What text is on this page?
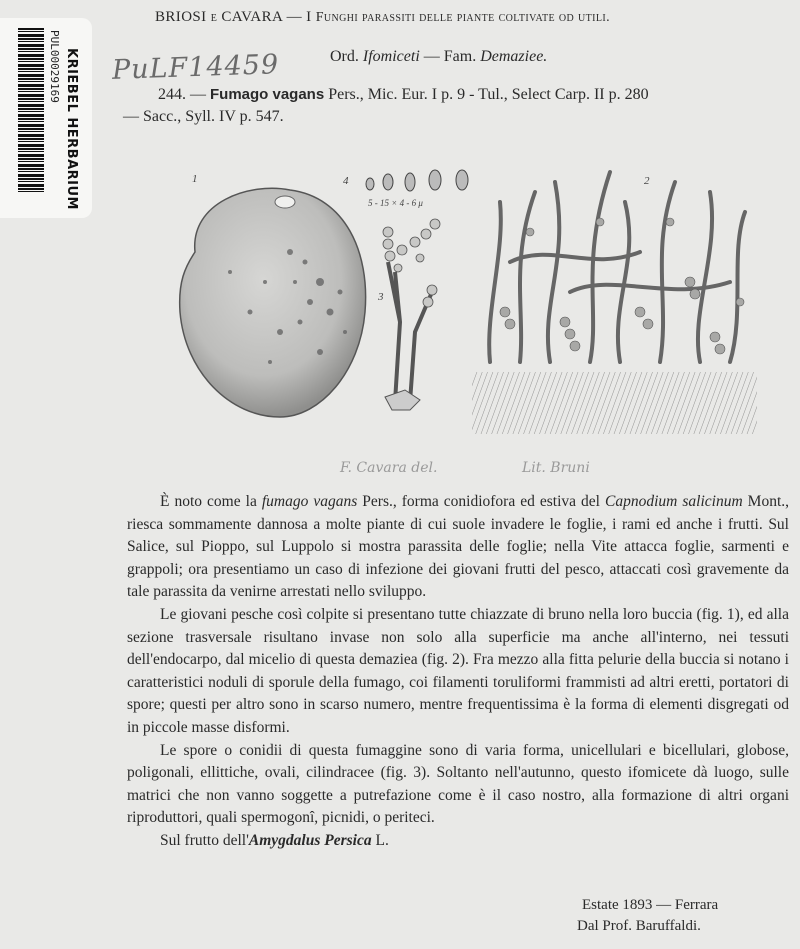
PUL00029169 KRIEBEL HERBARIUM PuLF14459
BRIOSI e CAVARA — I Funghi parassiti delle piante coltivate od utili.
Ord. Ifomiceti — Fam. Demaziee.
244. — Fumago vagans Pers., Mic. Eur. I p. 9 - Tul., Select Carp. II p. 280
— Sacc., Syll. IV p. 547.
1	4
5 - 15 × 4 - 6 μ
3
2
F. Cavara del.	Lit. Bruni

È noto come la fumago vagans Pers., forma conidiofora ed estiva del Capnodium salicinum Mont., riesca sommamente dannosa a molte piante di cui suole invadere le foglie, i rami ed anche i frutti. Sul Salice, sul Pioppo, sul Luppolo si mostra parassita delle foglie; nella Vite attacca foglie, sarmenti e grappoli; ora presentiamo un caso di infezione dei giovani frutti del pesco, attaccati così gravemente da tale parassita da venirne arrestati nello sviluppo.

Le giovani pesche così colpite si presentano tutte chiazzate di bruno nella loro buccia (fig. 1), ed alla sezione trasversale risultano invase non solo alla superficie ma anche all'interno, nei tessuti dell'endocarpo, dal micelio di questa demaziea (fig. 2). Fra mezzo alla fitta pelurie della buccia si notano i caratteristici noduli di sporule della fumago, coi filamenti toruliformi frammisti ad altri eretti, portatori di spore; questi per altro sono in scarso numero, mentre frequentissima è la forma di elementi disgregati od in piccole masse disformi.

Le spore o conidii di questa fumaggine sono di varia forma, unicellulari e bicellulari, globose, poligonali, ellittiche, ovali, cilindracee (fig. 3). Soltanto nell'autunno, questo ifomicete dà luogo, sulle matrici che non vanno soggette a putrefazione come è il caso nostro, alla formazione di altri organi riproduttori, quali spermogonî, picnidi, o periteci.

Sul frutto dell'Amygdalus Persica L.

Estate 1893 — Ferrara
Dal Prof. Baruffaldi.
